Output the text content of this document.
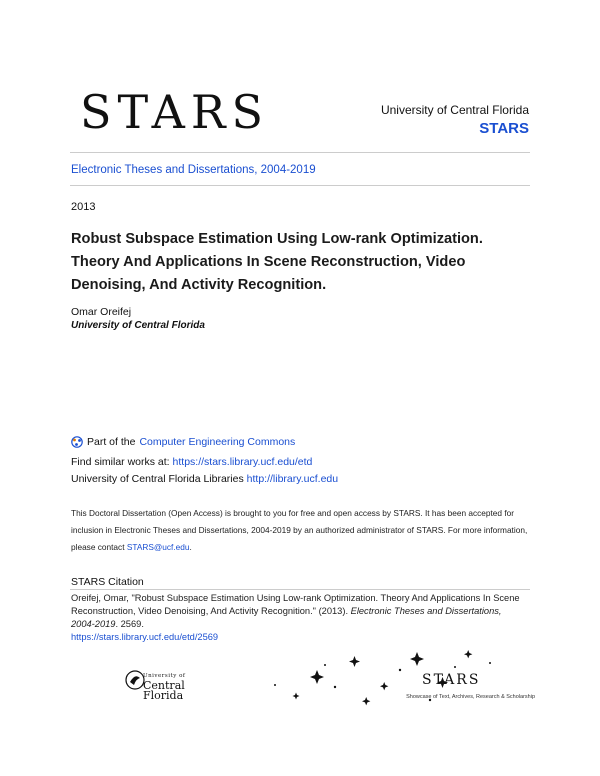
STARS	University of Central Florida
STARS
Electronic Theses and Dissertations, 2004-2019
2013
Robust Subspace Estimation Using Low-rank Optimization. Theory And Applications In Scene Reconstruction, Video Denoising, And Activity Recognition.
Omar Oreifej
University of Central Florida
Part of the Computer Engineering Commons
Find similar works at: https://stars.library.ucf.edu/etd
University of Central Florida Libraries http://library.ucf.edu
This Doctoral Dissertation (Open Access) is brought to you for free and open access by STARS. It has been accepted for inclusion in Electronic Theses and Dissertations, 2004-2019 by an authorized administrator of STARS. For more information, please contact STARS@ucf.edu.
STARS Citation
Oreifej, Omar, "Robust Subspace Estimation Using Low-rank Optimization. Theory And Applications In Scene Reconstruction, Video Denoising, And Activity Recognition." (2013). Electronic Theses and Dissertations, 2004-2019. 2569.
https://stars.library.ucf.edu/etd/2569
University of
Central
Florida
STARS
Showcase of Text, Archives, Research & Scholarship
